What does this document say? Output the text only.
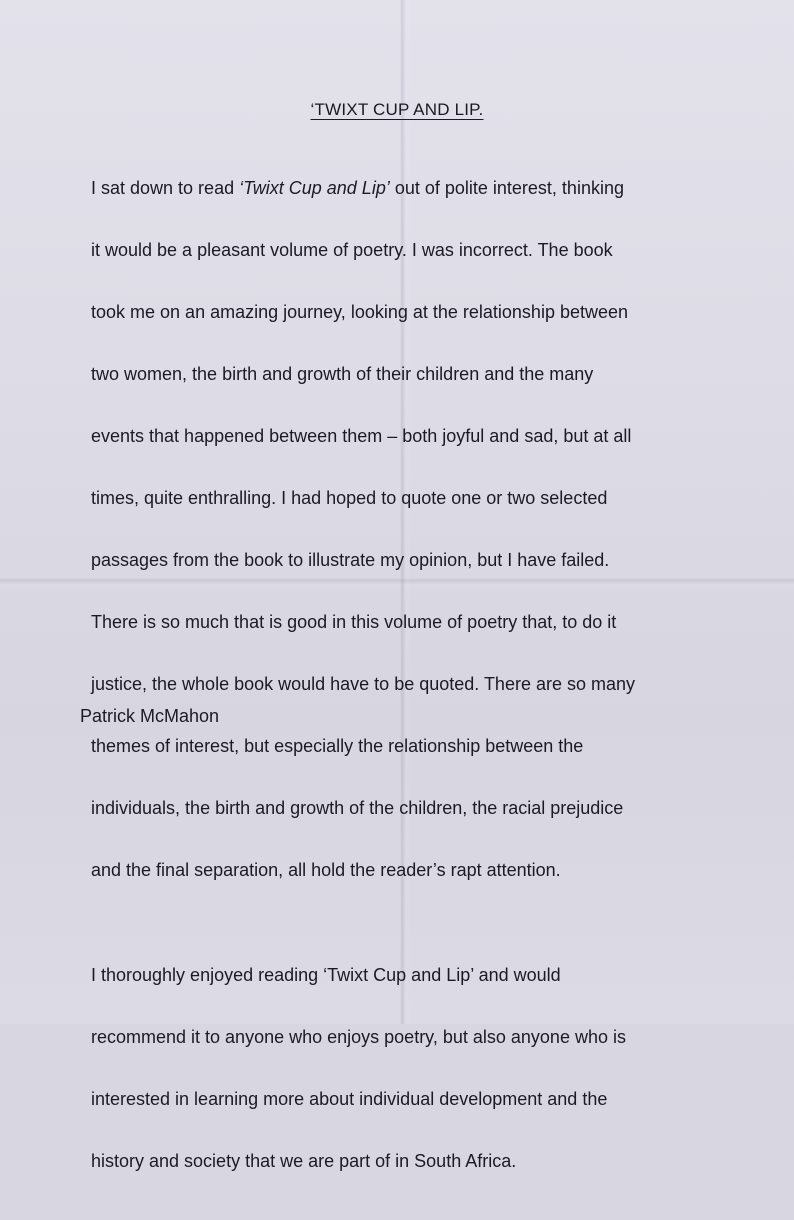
‘TWIXT CUP AND LIP.

I sat down to read ‘Twixt Cup and Lip’ out of polite interest, thinking

it would be a pleasant volume of poetry. I was incorrect. The book

took me on an amazing journey, looking at the relationship between

two women, the birth and growth of their children and the many

events that happened between them – both joyful and sad, but at all

times, quite enthralling. I had hoped to quote one or two selected

passages from the book to illustrate my opinion, but I have failed.

There is so much that is good in this volume of poetry that, to do it

justice, the whole book would have to be quoted. There are so many

themes of interest, but especially the relationship between the

individuals, the birth and growth of the children, the racial prejudice

and the final separation, all hold the reader’s rapt attention.

I thoroughly enjoyed reading ‘Twixt Cup and Lip’ and would

recommend it to anyone who enjoys poetry, but also anyone who is

interested in learning more about individual development and the

history and society that we are part of in South Africa.

Patrick McMahon
